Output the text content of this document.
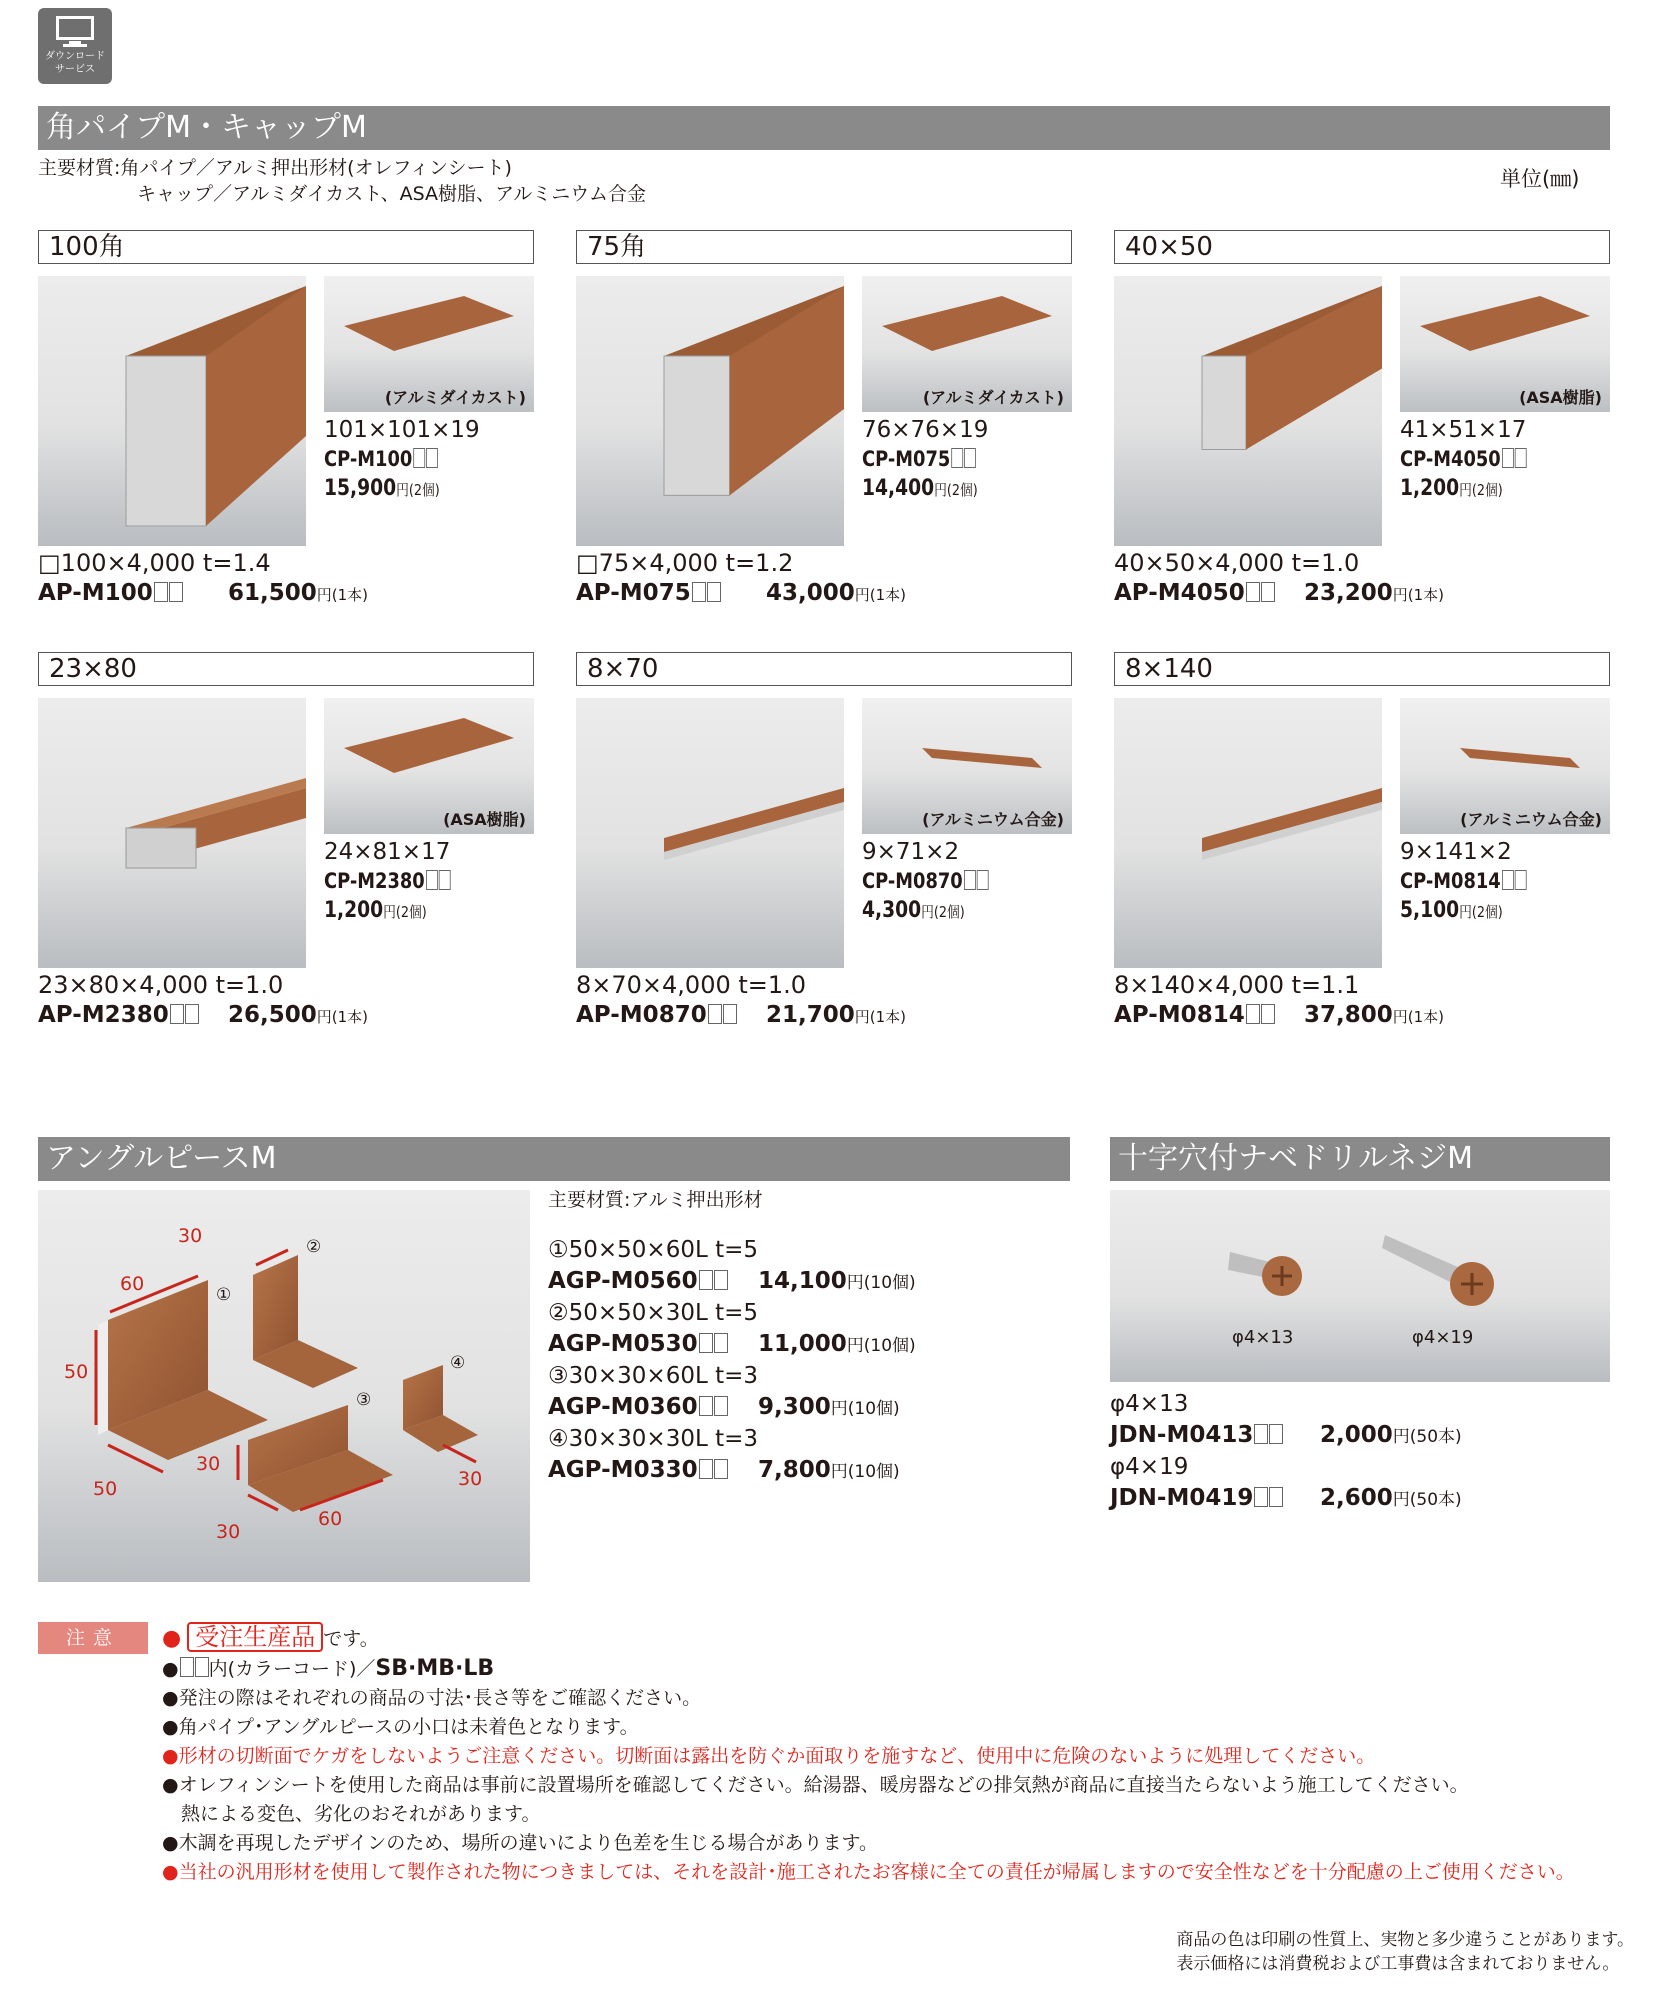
ダウンロード
サービス
角パイプM・キャップM
主要材質:角パイプ／アルミ押出形材(オレフィンシート)
キャップ／アルミダイカスト、ASA樹脂、アルミニウム合金
単位(㎜)
100角
(アルミダイカスト)
101×101×19
CP-M100
15,900円(2個)
□100×4,000 t=1.4
AP-M100	61,500円(1本)
75角
(アルミダイカスト)
76×76×19
CP-M075
14,400円(2個)
□75×4,000 t=1.2
AP-M075	43,000円(1本)
40×50
(ASA樹脂)
41×51×17
CP-M4050
1,200円(2個)
40×50×4,000 t=1.0
AP-M4050	23,200円(1本)
23×80
(ASA樹脂)
24×81×17
CP-M2380
1,200円(2個)
23×80×4,000 t=1.0
AP-M2380	26,500円(1本)
8×70
(アルミニウム合金)
9×71×2
CP-M0870
4,300円(2個)
8×70×4,000 t=1.0
AP-M0870	21,700円(1本)
8×140
(アルミニウム合金)
9×141×2
CP-M0814
5,100円(2個)
8×140×4,000 t=1.1
AP-M0814	37,800円(1本)
アングルピースM
30
60
50
50
30
30
60
30
①
②
③
④
主要材質:アルミ押出形材
①50×50×60L t=5
AGP-M0560	14,100円(10個)
②50×50×30L t=5
AGP-M0530	11,000円(10個)
③30×30×60L t=3
AGP-M0360	9,300円(10個)
④30×30×30L t=3
AGP-M0330	7,800円(10個)
十字穴付ナベドリルネジM
φ4×13	φ4×19
φ4×13
JDN-M0413	2,000円(50本)
φ4×19
JDN-M0419	2,600円(50本)
注意	● 受注生産品 です。
● 内(カラーコード)／SB·MB·LB
●発注の際はそれぞれの商品の寸法･長さ等をご確認ください。
●角パイプ･アングルピースの小口は未着色となります。
●形材の切断面でケガをしないようご注意ください。切断面は露出を防ぐか面取りを施すなど、使用中に危険のないように処理してください。
●オレフィンシートを使用した商品は事前に設置場所を確認してください。給湯器、暖房器などの排気熱が商品に直接当たらないよう施工してください。
　熱による変色、劣化のおそれがあります。
●木調を再現したデザインのため、場所の違いにより色差を生じる場合があります。
●当社の汎用形材を使用して製作された物につきましては、それを設計･施工されたお客様に全ての責任が帰属しますので安全性などを十分配慮の上ご使用ください。
商品の色は印刷の性質上、実物と多少違うことがあります。
表示価格には消費税および工事費は含まれておりません。
